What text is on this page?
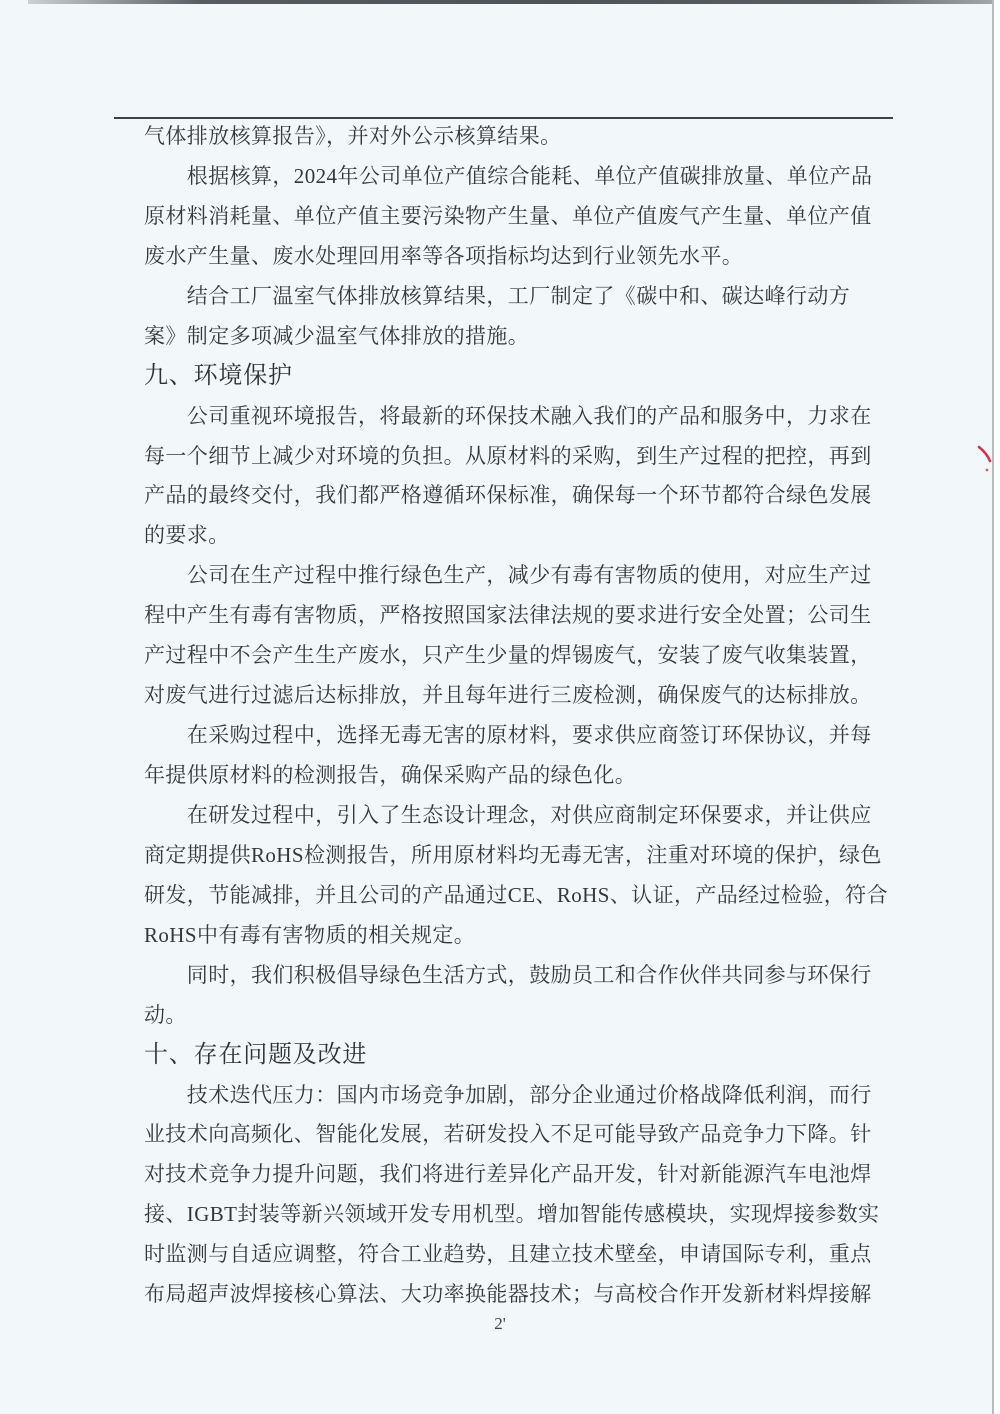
气体排放核算报告》，并对外公示核算结果。
　　根据核算，2024年公司单位产值综合能耗、单位产值碳排放量、单位产品
原材料消耗量、单位产值主要污染物产生量、单位产值废气产生量、单位产值
废水产生量、废水处理回用率等各项指标均达到行业领先水平。
　　结合工厂温室气体排放核算结果，工厂制定了《碳中和、碳达峰行动方
案》制定多项减少温室气体排放的措施。
九、环境保护
　　公司重视环境报告，将最新的环保技术融入我们的产品和服务中，力求在
每一个细节上减少对环境的负担。从原材料的采购，到生产过程的把控，再到
产品的最终交付，我们都严格遵循环保标准，确保每一个环节都符合绿色发展
的要求。
　　公司在生产过程中推行绿色生产，减少有毒有害物质的使用，对应生产过
程中产生有毒有害物质，严格按照国家法律法规的要求进行安全处置；公司生
产过程中不会产生生产废水，只产生少量的焊锡废气，安装了废气收集装置，
对废气进行过滤后达标排放，并且每年进行三废检测，确保废气的达标排放。
　　在采购过程中，选择无毒无害的原材料，要求供应商签订环保协议，并每
年提供原材料的检测报告，确保采购产品的绿色化。
　　在研发过程中，引入了生态设计理念，对供应商制定环保要求，并让供应
商定期提供RoHS检测报告，所用原材料均无毒无害，注重对环境的保护，绿色
研发，节能减排，并且公司的产品通过CE、RoHS、认证，产品经过检验，符合
RoHS中有毒有害物质的相关规定。
　　同时，我们积极倡导绿色生活方式，鼓励员工和合作伙伴共同参与环保行
动。
十、存在问题及改进
　　技术迭代压力：国内市场竞争加剧，部分企业通过价格战降低利润，而行
业技术向高频化、智能化发展，若研发投入不足可能导致产品竞争力下降。针
对技术竞争力提升问题，我们将进行差异化产品开发，针对新能源汽车电池焊
接、IGBT封装等新兴领域开发专用机型。增加智能传感模块，实现焊接参数实
时监测与自适应调整，符合工业趋势，且建立技术壁垒，申请国际专利，重点
布局超声波焊接核心算法、大功率换能器技术；与高校合作开发新材料焊接解
2'
